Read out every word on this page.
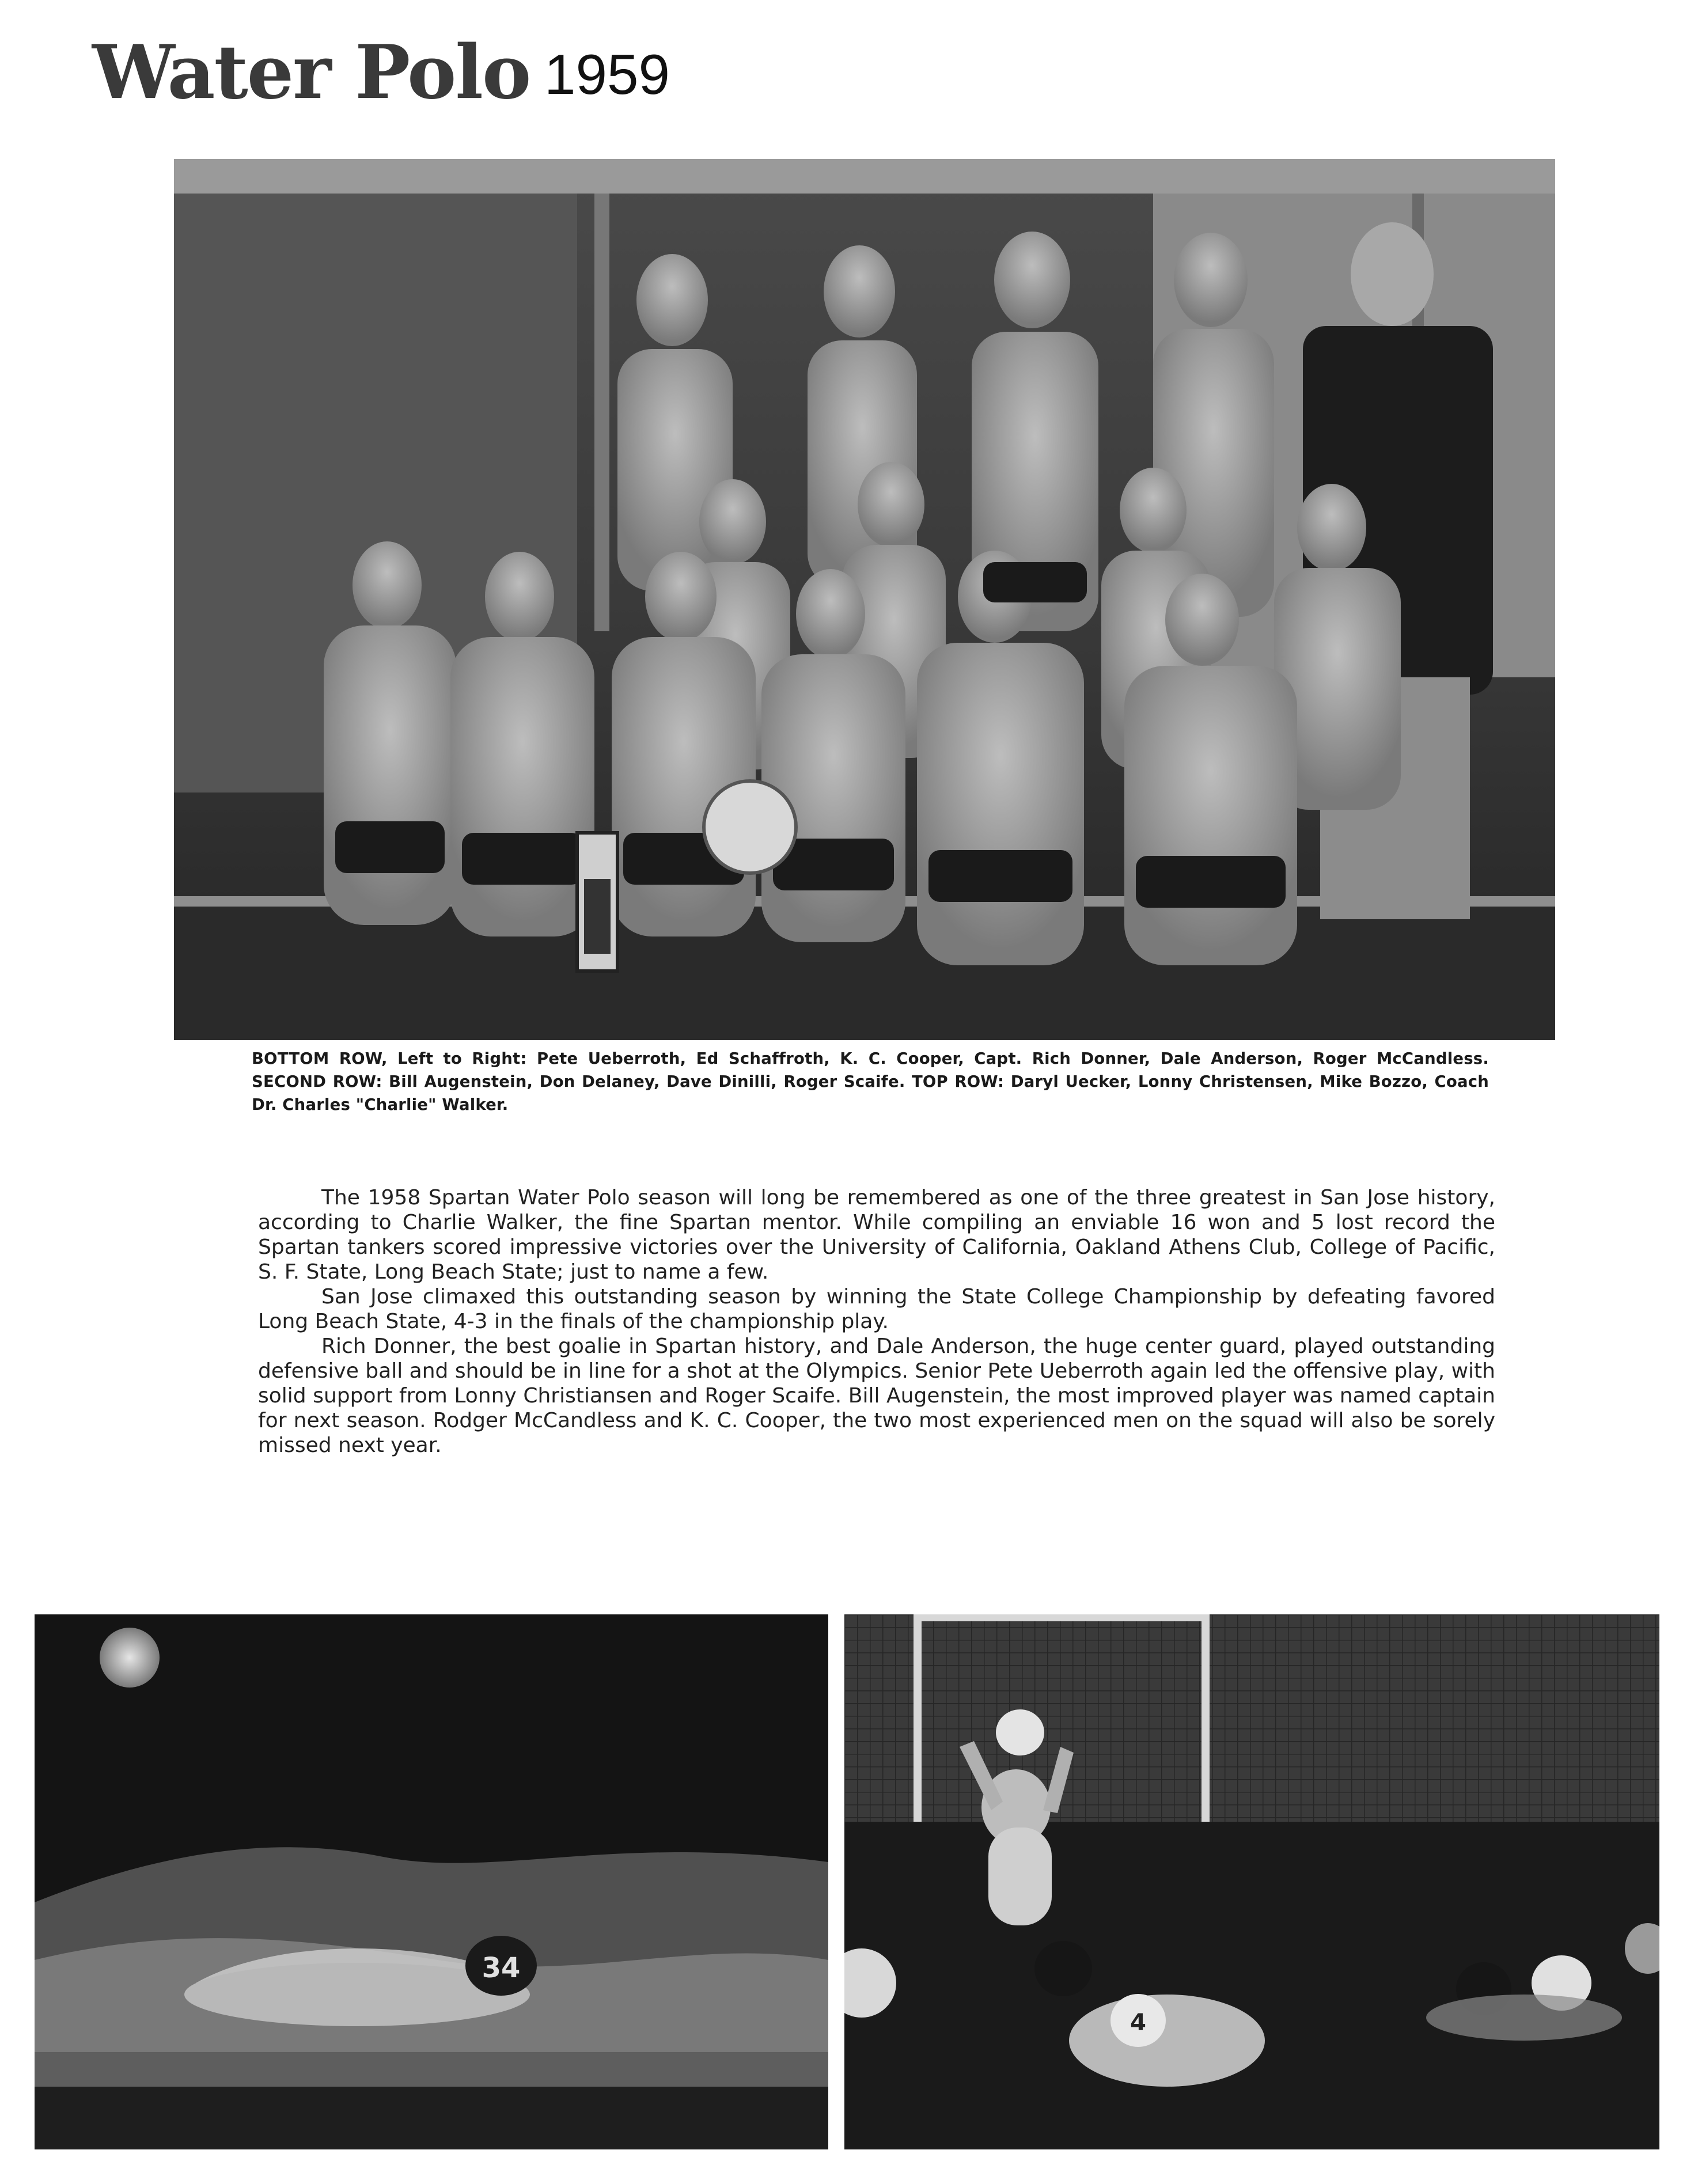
Water Polo 1959
BOTTOM ROW, Left to Right: Pete Ueberroth, Ed Schaffroth, K. C. Cooper, Capt. Rich Donner, Dale Anderson, Roger McCandless. SECOND ROW: Bill Augenstein, Don Delaney, Dave Dinilli, Roger Scaife. TOP ROW: Daryl Uecker, Lonny Christensen, Mike Bozzo, Coach Dr. Charles "Charlie" Walker.

The 1958 Spartan Water Polo season will long be remembered as one of the three greatest in San Jose history, according to Charlie Walker, the fine Spartan mentor. While compiling an enviable 16 won and 5 lost record the Spartan tankers scored impressive victories over the University of California, Oakland Athens Club, College of Pacific, S. F. State, Long Beach State; just to name a few.

San Jose climaxed this outstanding season by winning the State College Championship by defeating favored Long Beach State, 4-3 in the finals of the championship play.

Rich Donner, the best goalie in Spartan history, and Dale Anderson, the huge center guard, played outstanding defensive ball and should be in line for a shot at the Olympics. Senior Pete Ueberroth again led the offensive play, with solid support from Lonny Christiansen and Roger Scaife. Bill Augenstein, the most improved player was named captain for next season. Rodger McCandless and K. C. Cooper, the two most experienced men on the squad will also be sorely missed next year.

34
4
